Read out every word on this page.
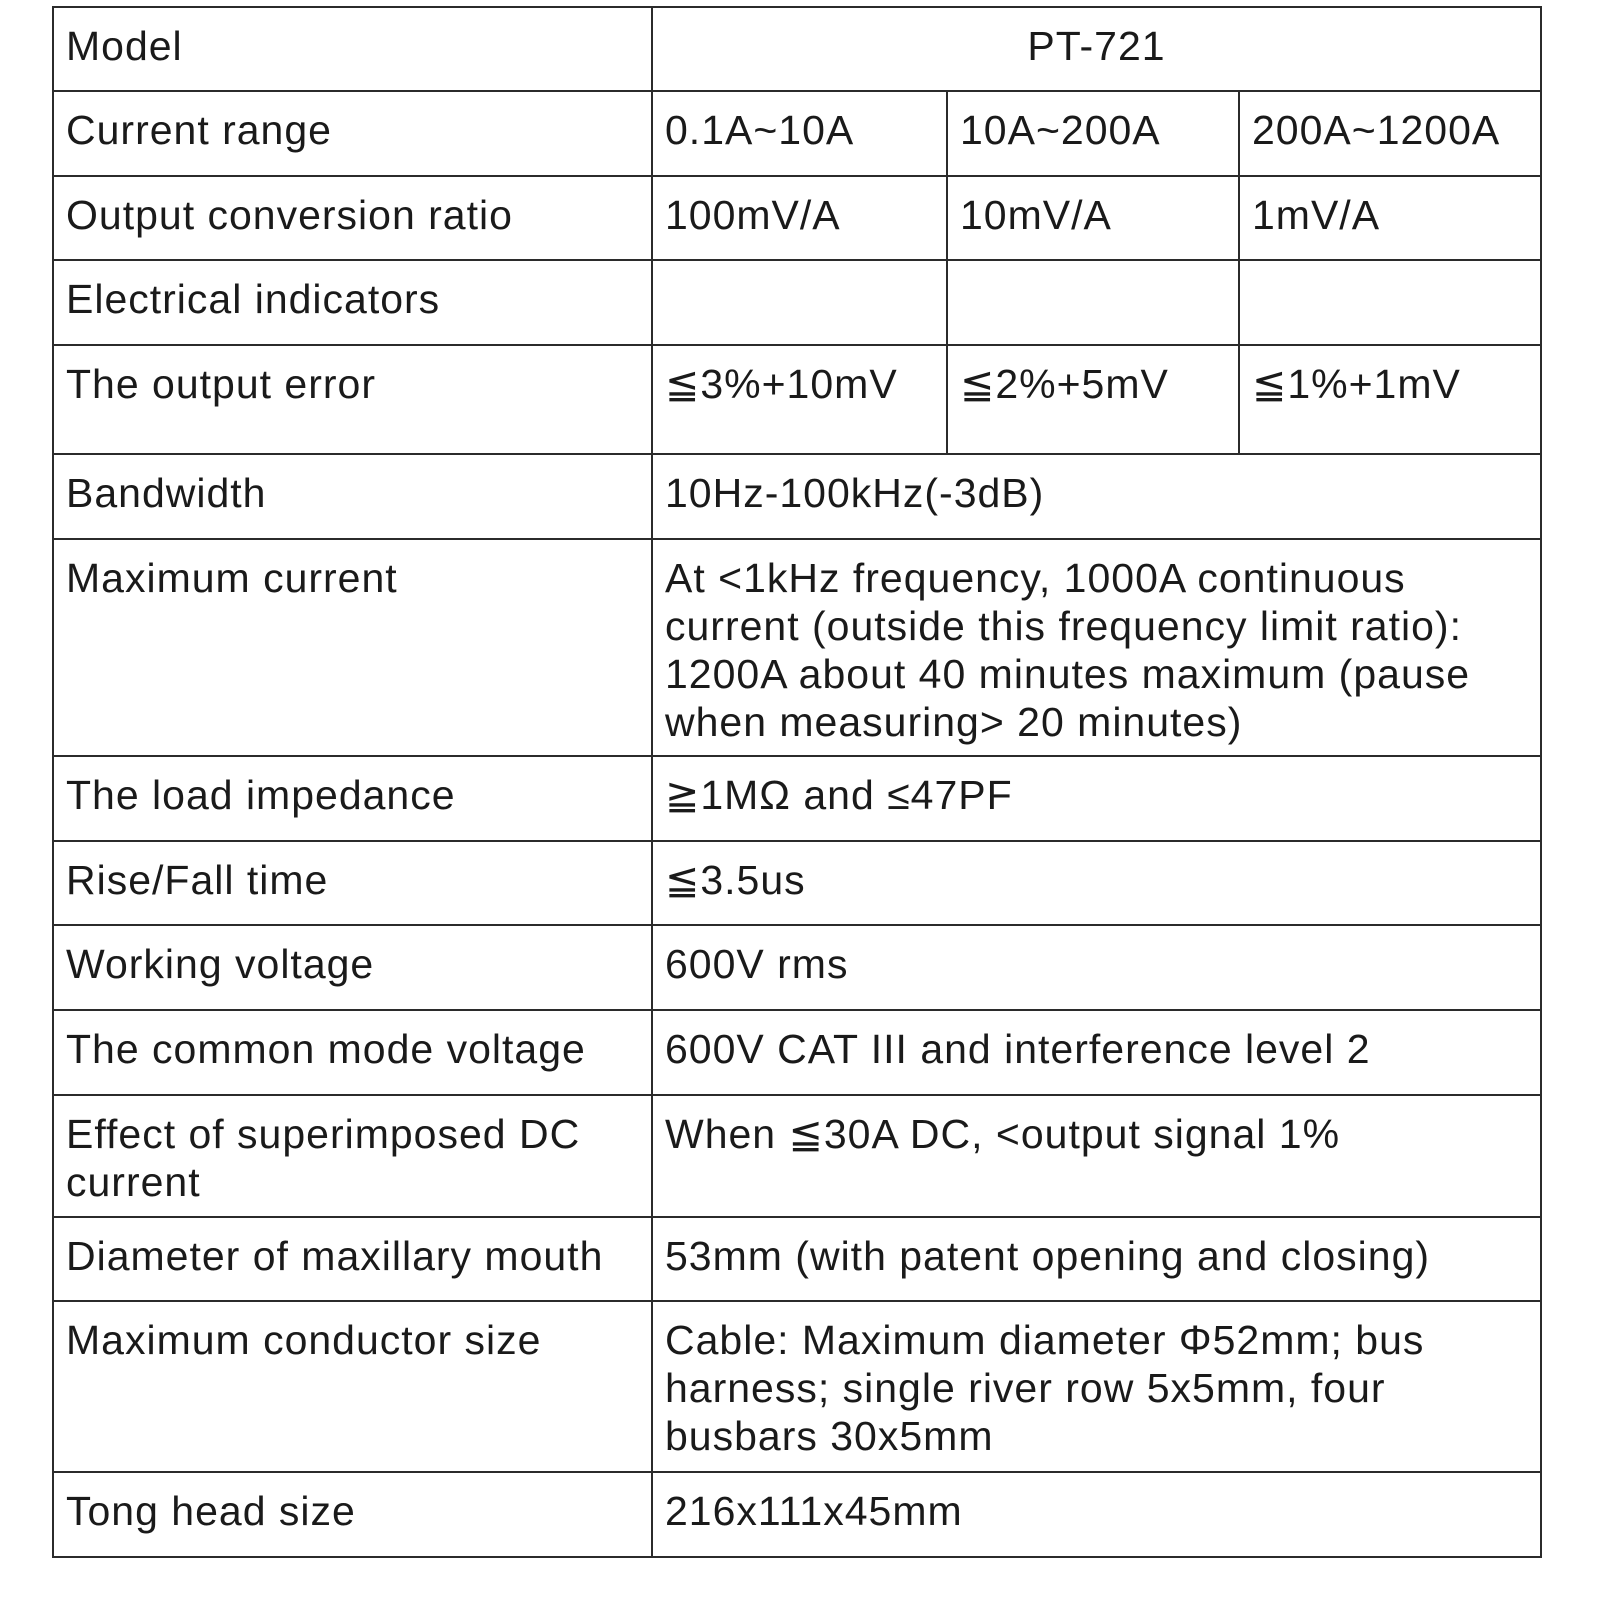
Model	PT-721		
Current range	0.1A~10A	10A~200A	200A~1200A
Output conversion ratio	100mV/A	10mV/A	1mV/A
Electrical indicators			
The output error	≦3%+10mV	≦2%+5mV	≦1%+1mV
Bandwidth	10Hz-100kHz(-3dB)		
Maximum current	At <1kHz frequency, 1000A continuous current (outside this frequency limit ratio): 1200A about 40 minutes maximum (pause when measuring> 20 minutes)		
The load impedance	≧1MΩ and ≤47PF		
Rise/Fall time	≦3.5us		
Working voltage	600V rms		
The common mode voltage	600V CAT III and interference level 2		
Effect of superimposed DC current	When ≦30A DC, <output signal 1%		
Diameter of maxillary mouth	53mm (with patent opening and closing)		
Maximum conductor size	Cable: Maximum diameter Φ52mm; bus harness; single river row 5x5mm, four busbars 30x5mm		
Tong head size	216x111x45mm		
